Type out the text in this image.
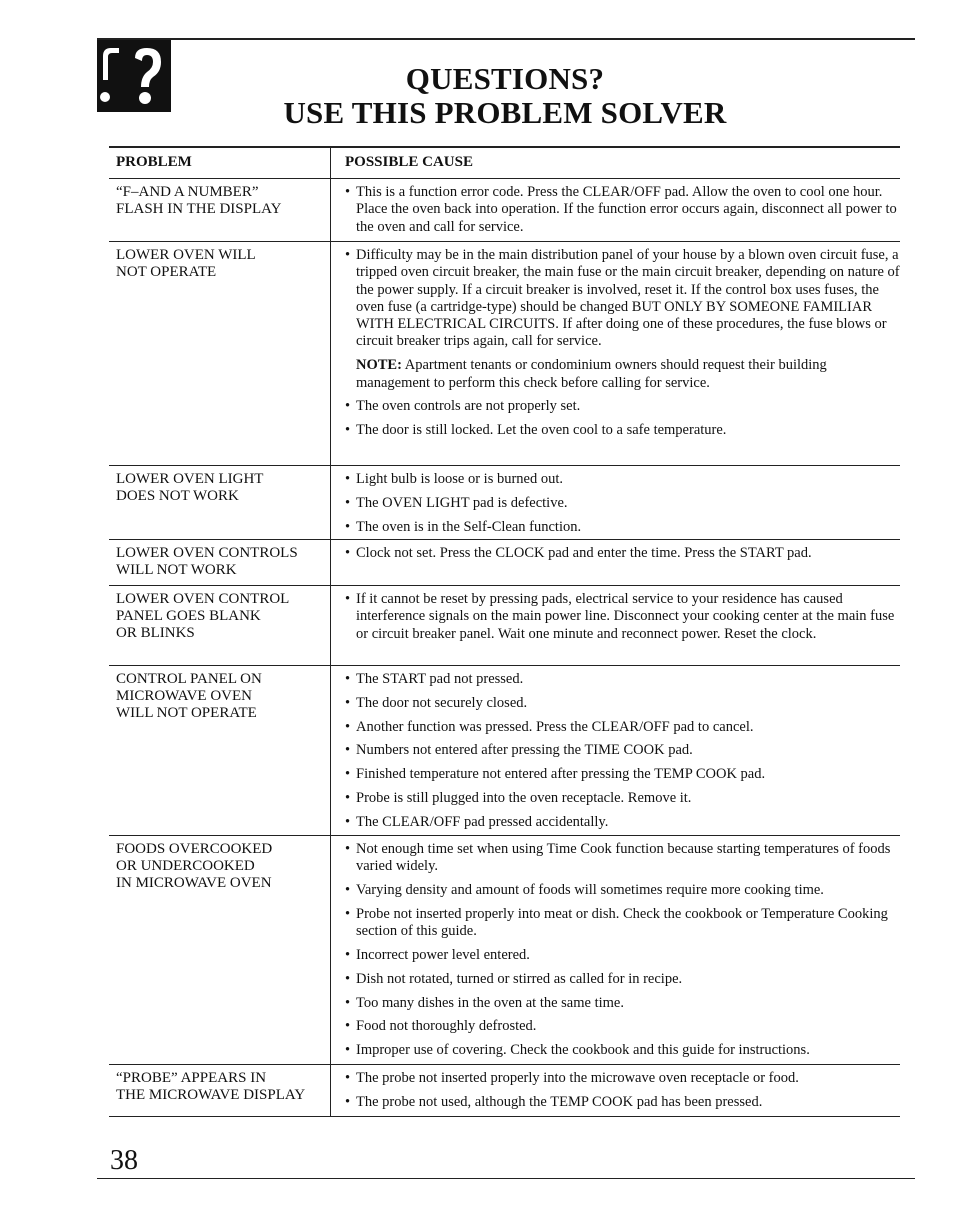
QUESTIONS?
USE THIS PROBLEM SOLVER
PROBLEM	POSSIBLE CAUSE
“F–AND A NUMBER”
FLASH IN THE DISPLAY
• This is a function error code. Press the CLEAR/OFF pad. Allow the oven to cool one hour. Place the oven back into operation. If the function error occurs again, disconnect all power to the oven and call for service.
LOWER OVEN WILL
NOT OPERATE
• Difficulty may be in the main distribution panel of your house by a blown oven circuit fuse, a tripped oven circuit breaker, the main fuse or the main circuit breaker, depending on nature of the power supply. If a circuit breaker is involved, reset it. If the control box uses fuses, the oven fuse (a cartridge-type) should be changed BUT ONLY BY SOMEONE FAMILIAR WITH ELECTRICAL CIRCUITS. If after doing one of these procedures, the fuse blows or circuit breaker trips again, call for service.
NOTE: Apartment tenants or condominium owners should request their building management to perform this check before calling for service.
• The oven controls are not properly set.
• The door is still locked. Let the oven cool to a safe temperature.
LOWER OVEN LIGHT
DOES NOT WORK
• Light bulb is loose or is burned out.
• The OVEN LIGHT pad is defective.
• The oven is in the Self-Clean function.
LOWER OVEN CONTROLS
WILL NOT WORK
• Clock not set. Press the CLOCK pad and enter the time. Press the START pad.
LOWER OVEN CONTROL
PANEL GOES BLANK
OR BLINKS
• If it cannot be reset by pressing pads, electrical service to your residence has caused interference signals on the main power line. Disconnect your cooking center at the main fuse or circuit breaker panel. Wait one minute and reconnect power. Reset the clock.
CONTROL PANEL ON
MICROWAVE OVEN
WILL NOT OPERATE
• The START pad not pressed.
• The door not securely closed.
• Another function was pressed. Press the CLEAR/OFF pad to cancel.
• Numbers not entered after pressing the TIME COOK pad.
• Finished temperature not entered after pressing the TEMP COOK pad.
• Probe is still plugged into the oven receptacle. Remove it.
• The CLEAR/OFF pad pressed accidentally.
FOODS OVERCOOKED
OR UNDERCOOKED
IN MICROWAVE OVEN
• Not enough time set when using Time Cook function because starting temperatures of foods varied widely.
• Varying density and amount of foods will sometimes require more cooking time.
• Probe not inserted properly into meat or dish. Check the cookbook or Temperature Cooking section of this guide.
• Incorrect power level entered.
• Dish not rotated, turned or stirred as called for in recipe.
• Too many dishes in the oven at the same time.
• Food not thoroughly defrosted.
• Improper use of covering. Check the cookbook and this guide for instructions.
“PROBE” APPEARS IN
THE MICROWAVE DISPLAY
• The probe not inserted properly into the microwave oven receptacle or food.
• The probe not used, although the TEMP COOK pad has been pressed.
38
